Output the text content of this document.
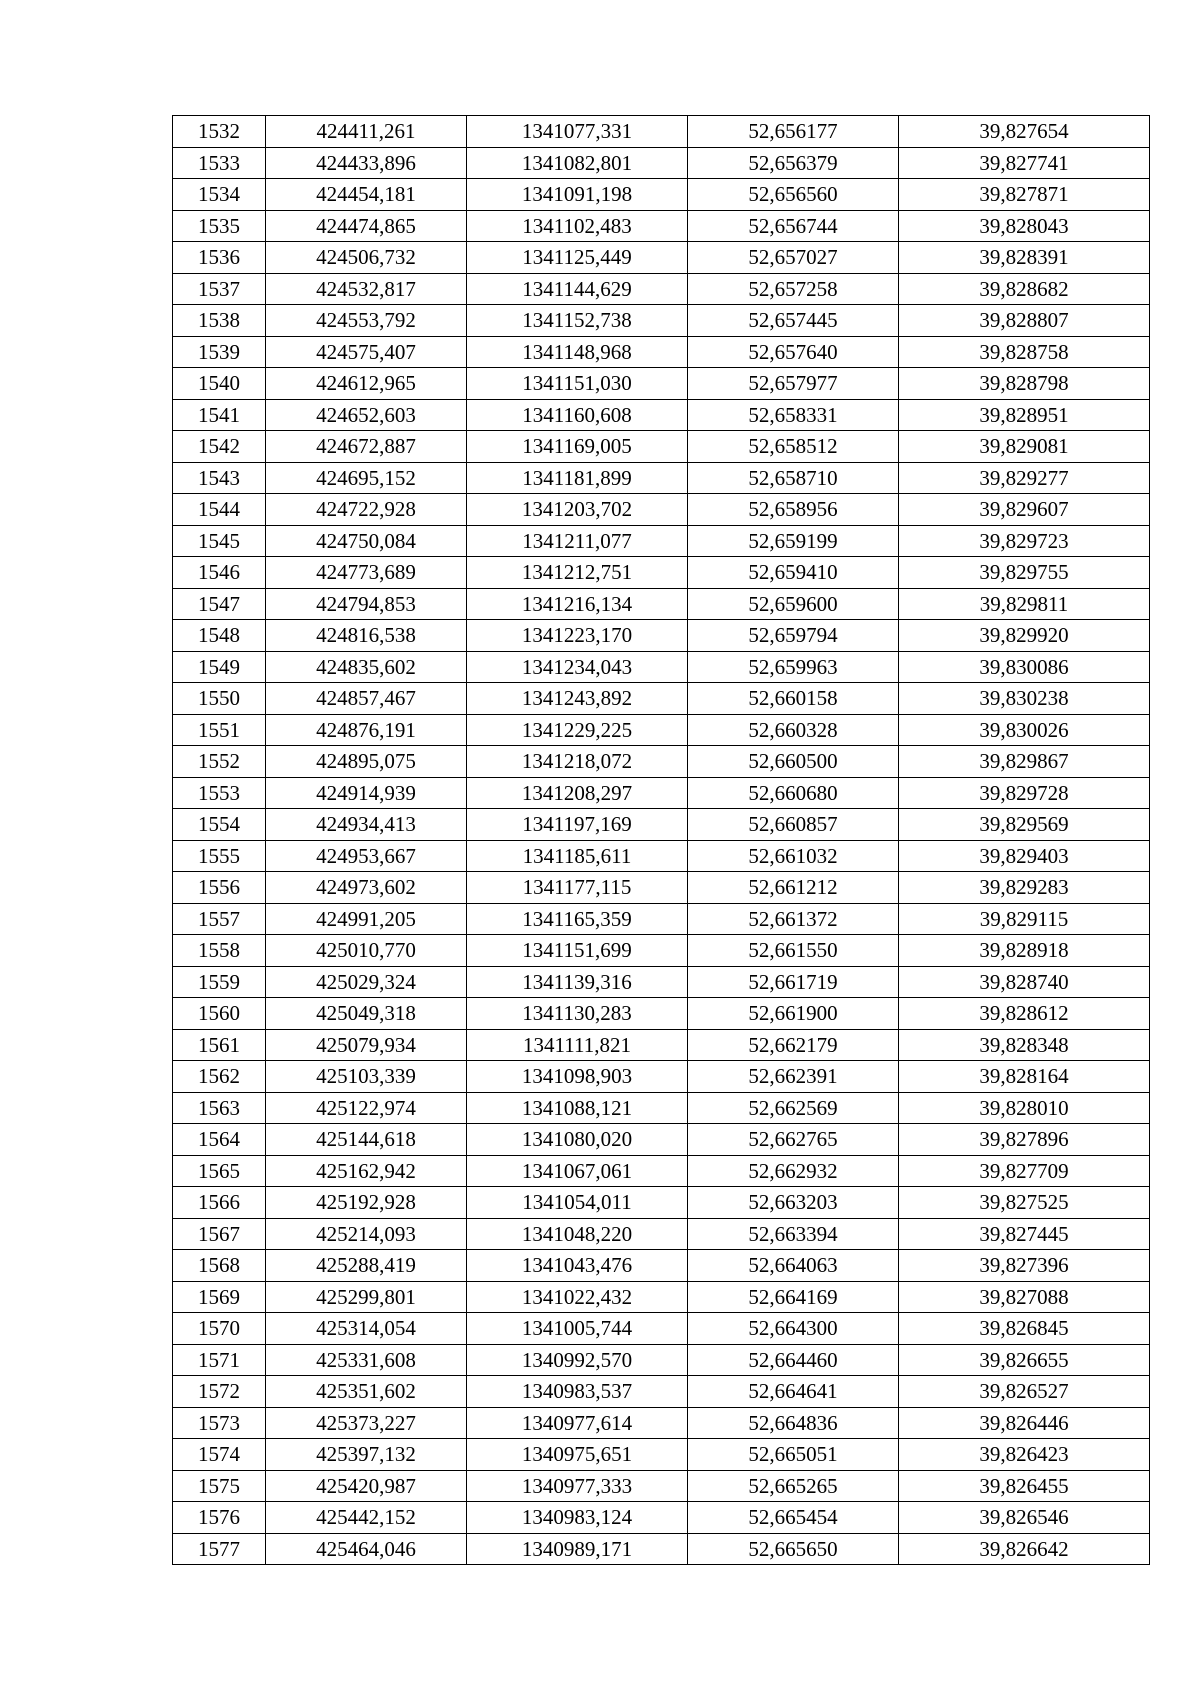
1532	424411,261	1341077,331	52,656177	39,827654
1533	424433,896	1341082,801	52,656379	39,827741
1534	424454,181	1341091,198	52,656560	39,827871
1535	424474,865	1341102,483	52,656744	39,828043
1536	424506,732	1341125,449	52,657027	39,828391
1537	424532,817	1341144,629	52,657258	39,828682
1538	424553,792	1341152,738	52,657445	39,828807
1539	424575,407	1341148,968	52,657640	39,828758
1540	424612,965	1341151,030	52,657977	39,828798
1541	424652,603	1341160,608	52,658331	39,828951
1542	424672,887	1341169,005	52,658512	39,829081
1543	424695,152	1341181,899	52,658710	39,829277
1544	424722,928	1341203,702	52,658956	39,829607
1545	424750,084	1341211,077	52,659199	39,829723
1546	424773,689	1341212,751	52,659410	39,829755
1547	424794,853	1341216,134	52,659600	39,829811
1548	424816,538	1341223,170	52,659794	39,829920
1549	424835,602	1341234,043	52,659963	39,830086
1550	424857,467	1341243,892	52,660158	39,830238
1551	424876,191	1341229,225	52,660328	39,830026
1552	424895,075	1341218,072	52,660500	39,829867
1553	424914,939	1341208,297	52,660680	39,829728
1554	424934,413	1341197,169	52,660857	39,829569
1555	424953,667	1341185,611	52,661032	39,829403
1556	424973,602	1341177,115	52,661212	39,829283
1557	424991,205	1341165,359	52,661372	39,829115
1558	425010,770	1341151,699	52,661550	39,828918
1559	425029,324	1341139,316	52,661719	39,828740
1560	425049,318	1341130,283	52,661900	39,828612
1561	425079,934	1341111,821	52,662179	39,828348
1562	425103,339	1341098,903	52,662391	39,828164
1563	425122,974	1341088,121	52,662569	39,828010
1564	425144,618	1341080,020	52,662765	39,827896
1565	425162,942	1341067,061	52,662932	39,827709
1566	425192,928	1341054,011	52,663203	39,827525
1567	425214,093	1341048,220	52,663394	39,827445
1568	425288,419	1341043,476	52,664063	39,827396
1569	425299,801	1341022,432	52,664169	39,827088
1570	425314,054	1341005,744	52,664300	39,826845
1571	425331,608	1340992,570	52,664460	39,826655
1572	425351,602	1340983,537	52,664641	39,826527
1573	425373,227	1340977,614	52,664836	39,826446
1574	425397,132	1340975,651	52,665051	39,826423
1575	425420,987	1340977,333	52,665265	39,826455
1576	425442,152	1340983,124	52,665454	39,826546
1577	425464,046	1340989,171	52,665650	39,826642
